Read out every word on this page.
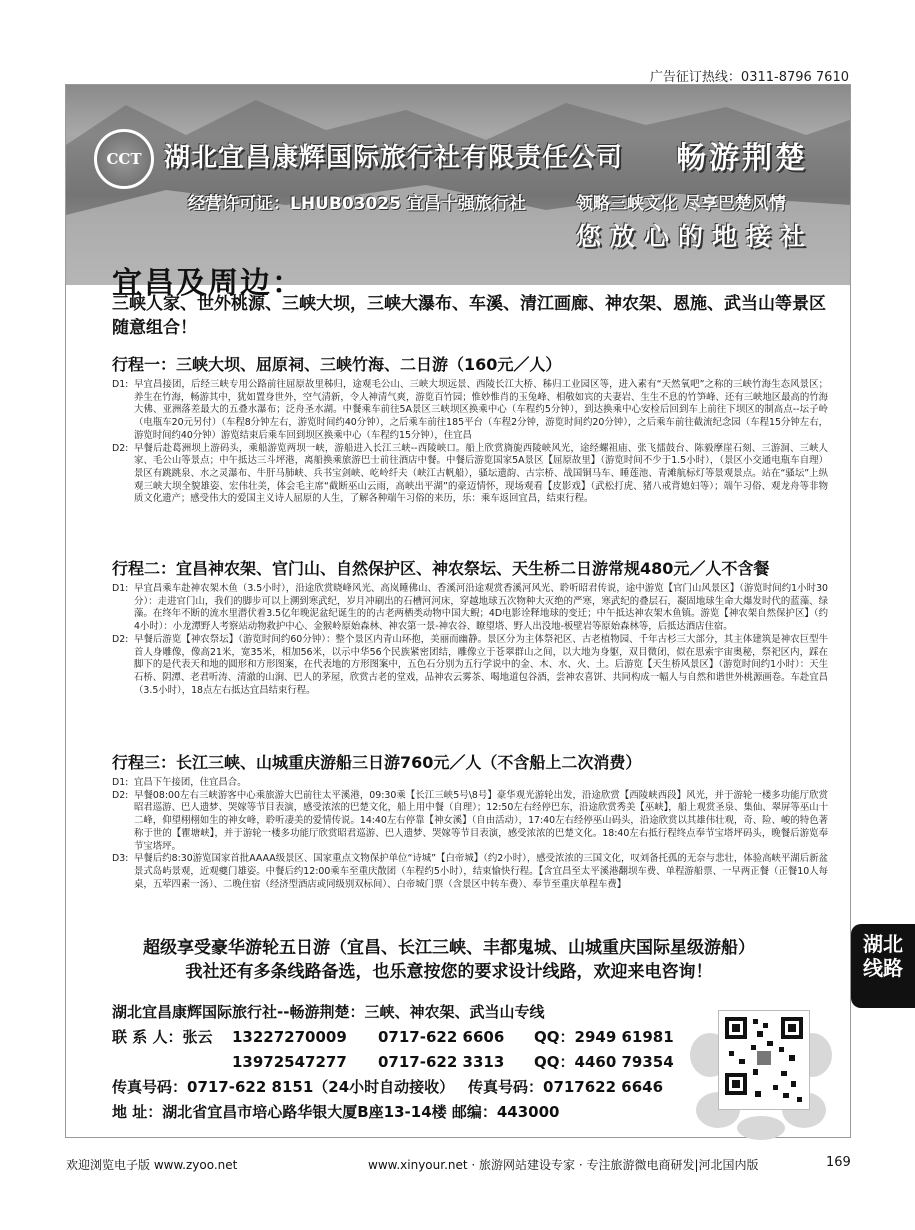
广告征订热线：0311-8796 7610
CCT 湖北宜昌康辉国际旅行社有限责任公司 畅游荆楚
经营许可证：LHUB03025 宜昌十强旅行社	领略三峡文化 尽享巴楚风情
您放心的地接社
宜昌及周边：
三峡人家、世外桃源、三峡大坝，三峡大瀑布、车溪、清江画廊、神农架、恩施、武当山等景区随意组合！
行程一：三峡大坝、屈原祠、三峡竹海、二日游（160元／人）
D1: 早宜昌接团，后经三峡专用公路前往屈原故里秭归，途观毛公山、三峡大坝远景、西陵长江大桥、秭归工业园区等，进入素有“天然氧吧”之称的三峡竹海生态风景区；养生在竹海，畅游其中，犹如置身世外，空气清新，令人神清气爽，游览百竹园；惟妙惟肖的玉兔峰、相敬如宾的夫妻岩、生生不息的竹笋峰、还有三峡地区最高的竹海大佛、亚洲落差最大的五叠水瀑布；泛舟圣水湖。中餐乘车前往5A景区三峡坝区换乘中心（车程约5分钟），到达换乘中心安检后回到车上前往下坝区的制高点--坛子岭（电瓶车20元另付）（车程8分钟左右，游览时间约40分钟），之后乘车前往185平台（车程2分钟，游览时间约20分钟），之后乘车前往截流纪念园（车程15分钟左右，游览时间约40分钟）游览结束后乘车回到坝区换乘中心（车程约15分钟），住宜昌
D2: 早餐后赴葛洲坝上游码头，乘船游览两坝一峡，游船进入长江三峡--西陵峡口。船上欣赏旖旎西陵峡风光，途经螺祖庙、张飞擂鼓台、陈毅摩崖石刻、三游洞、三峡人家、毛公山等景点；中午抵达三斗坪港，离船换乘旅游巴士前往酒店中餐。中餐后游览国家5A景区【屈原故里】（游览时间不少于1.5小时），（景区小交通电瓶车自理）景区有跳跳泉、水之灵瀑布、牛肝马肺峡、兵书宝剑峡、屹岭纤夫（峡江古帆船），骚坛遗韵、古宗桥、战国铜马车、睡莲池、青滩航标灯等景观景点。站在“骚坛”上纵观三峡大坝全貌雄姿、宏伟壮美，体会毛主席“截断巫山云雨，高峡出平湖”的豪迈情怀，现场观看【皮影戏】（武松打虎、猪八戒背媳妇等）；端午习俗、观龙舟等非物质文化遗产；感受伟大的爱国主义诗人屈原的人生，了解各种端午习俗的来历，乐：乘车返回宜昌，结束行程。
行程二：宜昌神农架、官门山、自然保护区、神农祭坛、天生桥二日游常规480元／人不含餐
D1: 早宜昌乘车赴神农架木鱼（3.5小时），沿途欣赏晓峰风光、高岚睡佛山、香溪河沿途观赏香溪河风光、聆听昭君传说，途中游览【官门山风景区】（游览时间约1小时30分）：走进官门山，我们的脚步可以上溯到寒武纪，岁月冲刷出的石槽河河床，穿越地球五次物种大灭绝的严寒，寒武纪的叠层石，凝固地球生命大爆发时代的蓝藻、绿藻。在终年不断的流水里潜伏着3.5亿年晚泥盆纪诞生的的古老两栖类动物中国大鲵；4D电影诠释地球的变迁；中午抵达神农架木鱼镇。游览【神农架自然保护区】（约4小时）：小龙潭野人考察站动物救护中心、金猴岭原始森林、神农第一景-神农谷、瞭望塔、野人出没地-板壁岩等原始森林等，后抵达酒店住宿。
D2: 早餐后游览【神农祭坛】（游览时间约60分钟）：整个景区内青山环抱，美丽而幽静。景区分为主体祭祀区、古老植物园、千年古杉三大部分，其主体建筑是神农巨型牛首人身雕像，像高21米，宽35米，相加56米，以示中华56个民族紧密团结，雕像立于苍翠群山之间，以大地为身躯，双目微闭，似在思索宇宙奥秘，祭祀区内，踩在脚下的是代表天和地的圆形和方形图案，在代表地的方形图案中，五色石分别为五行学说中的金、木、水、火、土。后游览【天生桥风景区】（游览时间约1小时）：天生石桥、阴潭、老君听涛、清澈的山涧、巴人的茅屋，欣赏古老的堂戏，品神农云雾茶、喝地道包谷酒，尝神农喜饼、共同构成一幅人与自然和谐世外桃源画卷。车赴宜昌（3.5小时），18点左右抵达宜昌结束行程。
行程三：长江三峡、山城重庆游船三日游760元／人（不含船上二次消费）
D1: 宜昌下午接团，住宜昌合。
D2: 早餐08:00左右三峡游客中心乘旅游大巴前往太平溪港，09:30乘【长江三峡5号\8号】豪华观光游轮出发，沿途欣赏【西陵峡西段】风光，并于游轮一楼多功能厅欣赏昭君巡游、巴人遗梦、哭嫁等节目表演，感受浓浓的巴楚文化，船上用中餐（自理）；12:50左右经停巴东，沿途欣赏秀美【巫峡】，船上观赏圣泉、集仙、翠屏等巫山十二峰，仰望栩栩如生的神女峰，聆听凄美的爱情传说。14:40左右停靠【神女溪】（自由活动），17:40左右经停巫山码头，沿途欣赏以其雄伟壮观，奇、险、峻的特色著称于世的【瞿塘峡】，并于游轮一楼多功能厅欣赏昭君巡游、巴人遗梦、哭嫁等节目表演，感受浓浓的巴楚文化。18:40左右抵行程终点奉节宝塔坪码头，晚餐后游览奉节宝塔坪。
D3: 早餐后约8:30游览国家首批AAAA级景区、国家重点文物保护单位“诗城”【白帝城】（约2小时），感受浓浓的三国文化，叹刘备托孤的无奈与悲壮，体验高峡平湖后新盆景式岛屿景观，近观夔门雄姿。中餐后约12:00乘车至重庆散团（车程约5小时），结束愉快行程。【含宜昌至太平溪港翻坝车费、单程游船票、一早两正餐（正餐10人每桌，五荤四素一汤）、二晚住宿（经济型酒店或同级别双标间）、白帝城门票（含景区中转车费）、奉节至重庆单程车费】
超级享受豪华游轮五日游（宜昌、长江三峡、丰都鬼城、山城重庆国际星级游船）
我社还有多条线路备选，也乐意按您的要求设计线路，欢迎来电咨询！
湖北宜昌康辉国际旅行社--畅游荆楚：三峡、神农架、武当山专线
联 系 人：张云 13227270009 0717-622 6606 QQ：2949 61981
13972547277 0717-622 3313 QQ：4460 79354
传真号码：0717-622 8151（24小时自动接收） 传真号码：0717622 6646
地 址：湖北省宜昌市培心路华银大厦B座13-14楼 邮编：443000
湖北
线路
欢迎浏览电子版 www.zyoo.net	www.xinyour.net · 旅游网站建设专家 · 专注旅游微电商研发|河北国内版	169
